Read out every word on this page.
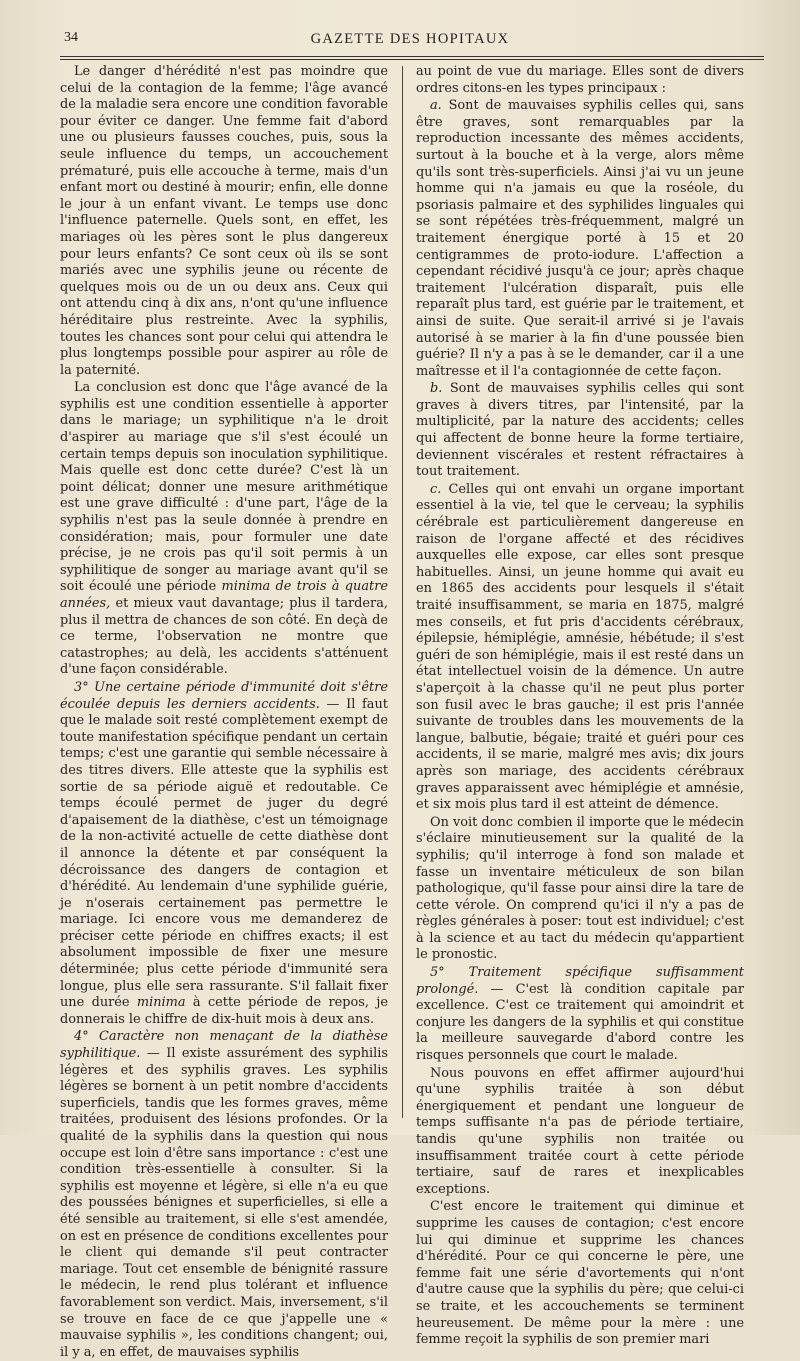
34	GAZETTE DES HOPITAUX

Le danger d'hérédité n'est pas moindre que celui de la contagion de la femme; l'âge avancé de la maladie sera encore une condition favorable pour éviter ce danger. Une femme fait d'abord une ou plusieurs fausses couches, puis, sous la seule influence du temps, un accouchement prématuré, puis elle accouche à terme, mais d'un enfant mort ou destiné à mourir; enfin, elle donne le jour à un enfant vivant. Le temps use donc l'influence paternelle. Quels sont, en effet, les mariages où les pères sont le plus dangereux pour leurs enfants? Ce sont ceux où ils se sont mariés avec une syphilis jeune ou récente de quelques mois ou de un ou deux ans. Ceux qui ont attendu cinq à dix ans, n'ont qu'une influence héréditaire plus restreinte. Avec la syphilis, toutes les chances sont pour celui qui attendra le plus longtemps possible pour aspirer au rôle de la paternité.

La conclusion est donc que l'âge avancé de la syphilis est une condition essentielle à apporter dans le mariage; un syphilitique n'a le droit d'aspirer au mariage que s'il s'est écoulé un certain temps depuis son inoculation syphilitique. Mais quelle est donc cette durée? C'est là un point délicat; donner une mesure arithmétique est une grave difficulté : d'une part, l'âge de la syphilis n'est pas la seule donnée à prendre en considération; mais, pour formuler une date précise, je ne crois pas qu'il soit permis à un syphilitique de songer au mariage avant qu'il se soit écoulé une période minima de trois à quatre années, et mieux vaut davantage; plus il tardera, plus il mettra de chances de son côté. En deçà de ce terme, l'observation ne montre que catastrophes; au delà, les accidents s'atténuent d'une façon considérable.

3° Une certaine période d'immunité doit s'être écoulée depuis les derniers accidents. — Il faut que le malade soit resté complètement exempt de toute manifestation spécifique pendant un certain temps; c'est une garantie qui semble nécessaire à des titres divers. Elle atteste que la syphilis est sortie de sa période aiguë et redoutable. Ce temps écoulé permet de juger du degré d'apaisement de la diathèse, c'est un témoignage de la non-activité actuelle de cette diathèse dont il annonce la détente et par conséquent la décroissance des dangers de contagion et d'hérédité. Au lendemain d'une syphilide guérie, je n'oserais certainement pas permettre le mariage. Ici encore vous me demanderez de préciser cette période en chiffres exacts; il est absolument impossible de fixer une mesure déterminée; plus cette période d'immunité sera longue, plus elle sera rassurante. S'il fallait fixer une durée minima à cette période de repos, je donnerais le chiffre de dix-huit mois à deux ans.

4° Caractère non menaçant de la diathèse syphilitique. — Il existe assurément des syphilis légères et des syphilis graves. Les syphilis légères se bornent à un petit nombre d'accidents superficiels, tandis que les formes graves, même traitées, produisent des lésions profondes. Or la qualité de la syphilis dans la question qui nous occupe est loin d'être sans importance : c'est une condition très-essentielle à consulter. Si la syphilis est moyenne et légère, si elle n'a eu que des poussées bénignes et superficielles, si elle a été sensible au traitement, si elle s'est amendée, on est en présence de conditions excellentes pour le client qui demande s'il peut contracter mariage. Tout cet ensemble de bénignité rassure le médecin, le rend plus tolérant et influence favorablement son verdict. Mais, inversement, s'il se trouve en face de ce que j'appelle une « mauvaise syphilis », les conditions changent; oui, il y a, en effet, de mauvaises syphilis

au point de vue du mariage. Elles sont de divers ordres citons-en les types principaux :

a. Sont de mauvaises syphilis celles qui, sans être graves, sont remarquables par la reproduction incessante des mêmes accidents, surtout à la bouche et à la verge, alors même qu'ils sont très-superficiels. Ainsi j'ai vu un jeune homme qui n'a jamais eu que la roséole, du psoriasis palmaire et des syphilides linguales qui se sont répétées très-fréquemment, malgré un traitement énergique porté à 15 et 20 centigrammes de proto-iodure. L'affection a cependant récidivé jusqu'à ce jour; après chaque traitement l'ulcération disparaît, puis elle reparaît plus tard, est guérie par le traitement, et ainsi de suite. Que serait-il arrivé si je l'avais autorisé à se marier à la fin d'une poussée bien guérie? Il n'y a pas à se le demander, car il a une maîtresse et il l'a contagionnée de cette façon.

b. Sont de mauvaises syphilis celles qui sont graves à divers titres, par l'intensité, par la multiplicité, par la nature des accidents; celles qui affectent de bonne heure la forme tertiaire, deviennent viscérales et restent réfractaires à tout traitement.

c. Celles qui ont envahi un organe important essentiel à la vie, tel que le cerveau; la syphilis cérébrale est particulièrement dangereuse en raison de l'organe affecté et des récidives auxquelles elle expose, car elles sont presque habituelles. Ainsi, un jeune homme qui avait eu en 1865 des accidents pour lesquels il s'était traité insuffisamment, se maria en 1875, malgré mes conseils, et fut pris d'accidents cérébraux, épilepsie, hémiplégie, amnésie, hébétude; il s'est guéri de son hémiplégie, mais il est resté dans un état intellectuel voisin de la démence. Un autre s'aperçoit à la chasse qu'il ne peut plus porter son fusil avec le bras gauche; il est pris l'année suivante de troubles dans les mouvements de la langue, balbutie, bégaie; traité et guéri pour ces accidents, il se marie, malgré mes avis; dix jours après son mariage, des accidents cérébraux graves apparaissent avec hémiplégie et amnésie, et six mois plus tard il est atteint de démence.

On voit donc combien il importe que le médecin s'éclaire minutieusement sur la qualité de la syphilis; qu'il interroge à fond son malade et fasse un inventaire méticuleux de son bilan pathologique, qu'il fasse pour ainsi dire la tare de cette vérole. On comprend qu'ici il n'y a pas de règles générales à poser: tout est individuel; c'est à la science et au tact du médecin qu'appartient le pronostic.

5° Traitement spécifique suffisamment prolongé. — C'est là condition capitale par excellence. C'est ce traitement qui amoindrit et conjure les dangers de la syphilis et qui constitue la meilleure sauvegarde d'abord contre les risques personnels que court le malade.

Nous pouvons en effet affirmer aujourd'hui qu'une syphilis traitée à son début énergiquement et pendant une longueur de temps suffisante n'a pas de période tertiaire, tandis qu'une syphilis non traitée ou insuffisamment traitée court à cette période tertiaire, sauf de rares et inexplicables exceptions.

C'est encore le traitement qui diminue et supprime les causes de contagion; c'est encore lui qui diminue et supprime les chances d'hérédité. Pour ce qui concerne le père, une femme fait une série d'avortements qui n'ont d'autre cause que la syphilis du père; que celui-ci se traite, et les accouchements se terminent heureusement. De même pour la mère : une femme reçoit la syphilis de son premier mari
